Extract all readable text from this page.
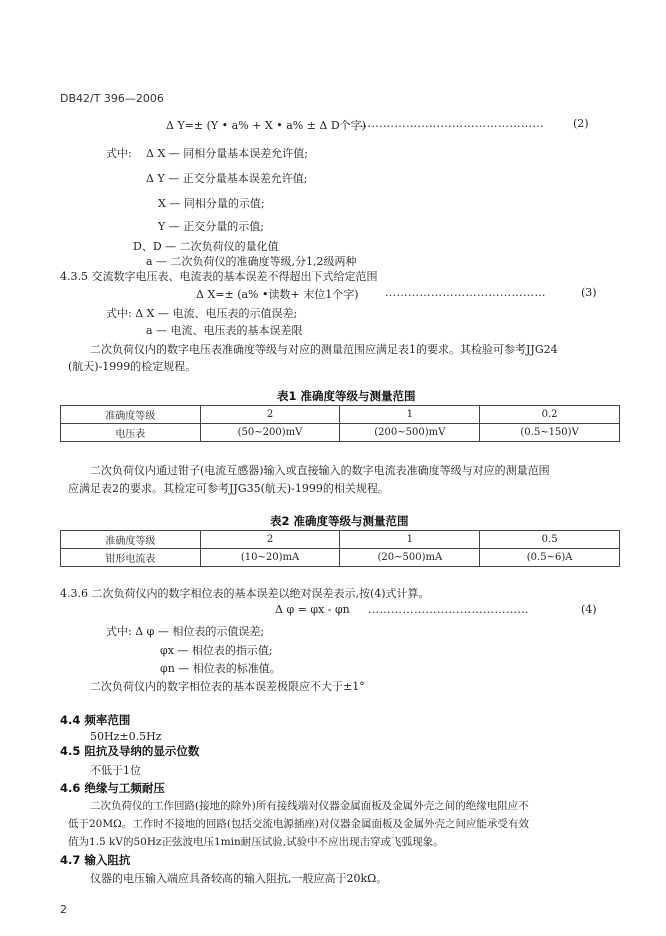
DB42/T 396—2006
Δ Y=± (Y • a% + X • a% ± Δ D个字)
…………………………………………	(2)
式中: Δ X — 同相分量基本误差允许值;
Δ Y — 正交分量基本误差允许值;
X — 同相分量的示值;
Y — 正交分量的示值;
D、D — 二次负荷仪的量化值
a — 二次负荷仪的准确度等级,分1,2级两种
4.3.5 交流数字电压表、电流表的基本误差不得超出下式给定范围
Δ X=± (a% •读数+ 末位1个字) ……………………………………	(3)
式中: Δ X — 电流、电压表的示值误差;
a — 电流、电压表的基本误差限
二次负荷仪内的数字电压表准确度等级与对应的测量范围应满足表1的要求。其检验可参考JJG24
(航天)-1999的检定规程。
表1 准确度等级与测量范围
准确度等级	2	1	0.2
电压表	(50~200)mV	(200~500)mV	(0.5~150)V
二次负荷仪内通过钳子(电流互感器)输入或直接输入的数字电流表准确度等级与对应的测量范围
应满足表2的要求。其检定可参考JJG35(航天)-1999的相关规程。
表2 准确度等级与测量范围
准确度等级	2	1	0.5
钳形电流表	(10~20)mA	(20~500)mA	(0.5~6)A
4.3.6 二次负荷仪内的数字相位表的基本误差以绝对误差表示,按(4)式计算。
Δ φ = φx - φn ……………………………………	(4)
式中: Δ φ — 相位表的示值误差;
φx — 相位表的指示值;
φn — 相位表的标准值。
二次负荷仪内的数字相位表的基本误差极限应不大于±1°
4.4 频率范围
50Hz±0.5Hz
4.5 阻抗及导纳的显示位数
不低于1位
4.6 绝缘与工频耐压
二次负荷仪的工作回路(接地的除外)所有接线端对仪器金属面板及金属外壳之间的绝缘电阻应不
低于20MΩ。工作时不接地的回路(包括交流电源插座)对仪器金属面板及金属外壳之间应能承受有效
值为1.5 kV的50Hz正弦波电压1min耐压试验,试验中不应出现击穿或飞弧现象。
4.7 输入阻抗
仪器的电压输入端应具备较高的输入阻抗,一般应高于20kΩ。
2
